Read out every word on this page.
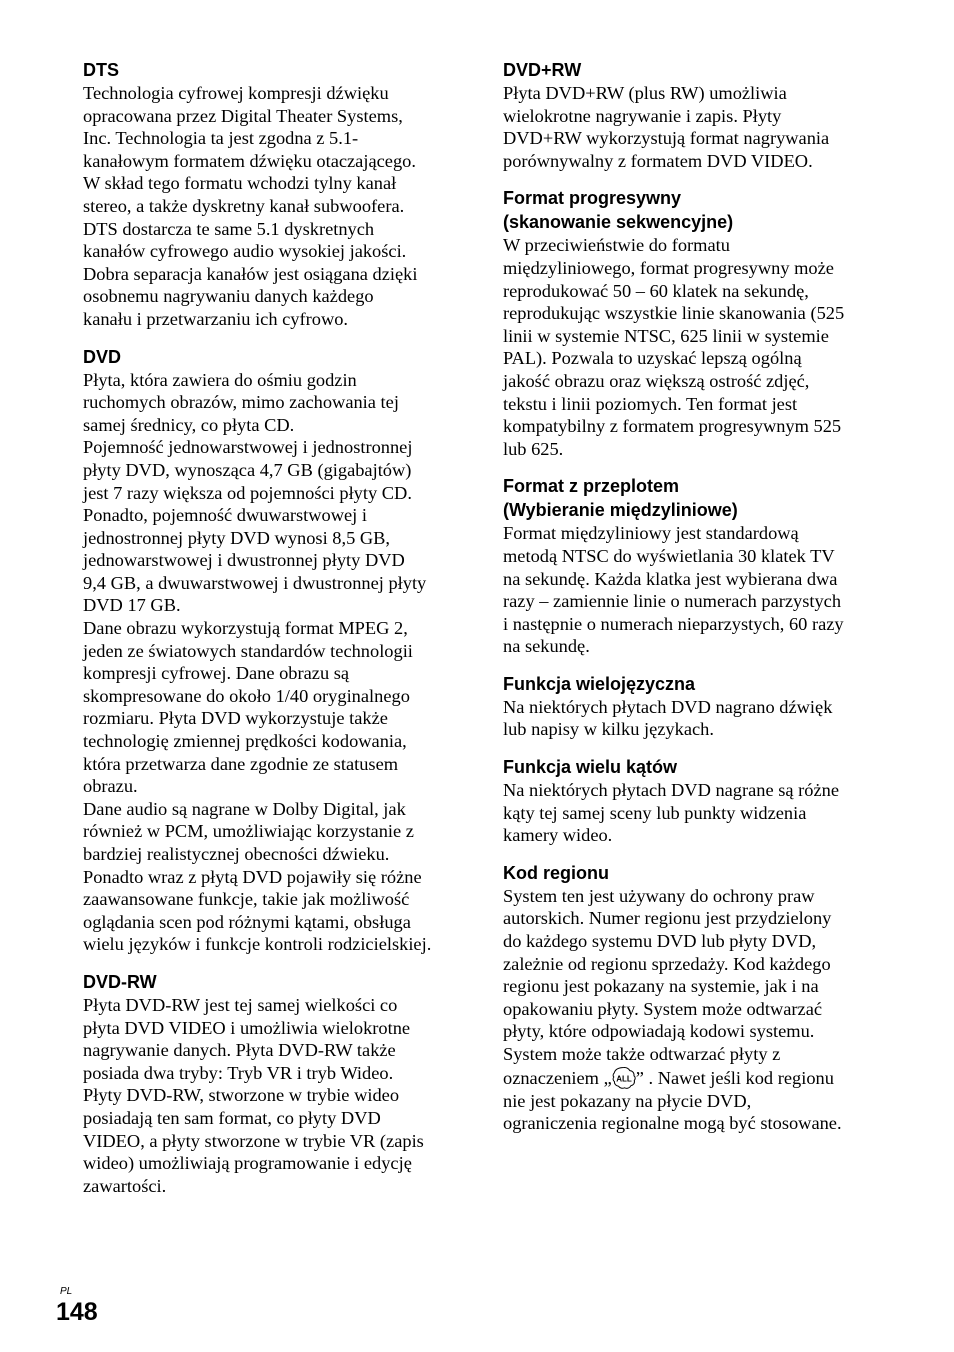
DTS

Technologia cyfrowej kompresji dźwięku
opracowana przez Digital Theater Systems,
Inc. Technologia ta jest zgodna z 5.1-
kanałowym formatem dźwięku otaczającego.
W skład tego formatu wchodzi tylny kanał
stereo, a także dyskretny kanał subwoofera.
DTS dostarcza te same 5.1 dyskretnych
kanałów cyfrowego audio wysokiej jakości.
Dobra separacja kanałów jest osiągana dzięki
osobnemu nagrywaniu danych każdego
kanału i przetwarzaniu ich cyfrowo.

DVD

Płyta, która zawiera do ośmiu godzin
ruchomych obrazów, mimo zachowania tej
samej średnicy, co płyta CD.
Pojemność jednowarstwowej i jednostronnej
płyty DVD, wynosząca 4,7 GB (gigabajtów)
jest 7 razy większa od pojemności płyty CD.
Ponadto, pojemność dwuwarstwowej i
jednostronnej płyty DVD wynosi 8,5 GB,
jednowarstwowej i dwustronnej płyty DVD
9,4 GB, a dwuwarstwowej i dwustronnej płyty
DVD 17 GB.
Dane obrazu wykorzystują format MPEG 2,
jeden ze światowych standardów technologii
kompresji cyfrowej. Dane obrazu są
skompresowane do około 1/40 oryginalnego
rozmiaru. Płyta DVD wykorzystuje także
technologię zmiennej prędkości kodowania,
która przetwarza dane zgodnie ze statusem
obrazu.
Dane audio są nagrane w Dolby Digital, jak
również w PCM, umożliwiając korzystanie z
bardziej realistycznej obecności dźwieku.
Ponadto wraz z płytą DVD pojawiły się różne
zaawansowane funkcje, takie jak możliwość
oglądania scen pod różnymi kątami, obsługa
wielu języków i funkcje kontroli rodzicielskiej.

DVD-RW

Płyta DVD-RW jest tej samej wielkości co
płyta DVD VIDEO i umożliwia wielokrotne
nagrywanie danych. Płyta DVD-RW także
posiada dwa tryby: Tryb VR i tryb Wideo.
Płyty DVD-RW, stworzone w trybie wideo
posiadają ten sam format, co płyty DVD
VIDEO, a płyty stworzone w trybie VR (zapis
wideo) umożliwiają programowanie i edycję
zawartości.

DVD+RW

Płyta DVD+RW (plus RW) umożliwia
wielokrotne nagrywanie i zapis. Płyty
DVD+RW wykorzystują format nagrywania
porównywalny z formatem DVD VIDEO.

Format progresywny
(skanowanie sekwencyjne)

W przeciwieństwie do formatu
międzyliniowego, format progresywny może
reprodukować 50 – 60 klatek na sekundę,
reprodukując wszystkie linie skanowania (525
linii w systemie NTSC, 625 linii w systemie
PAL). Pozwala to uzyskać lepszą ogólną
jakość obrazu oraz większą ostrość zdjęć,
tekstu i linii poziomych. Ten format jest
kompatybilny z formatem progresywnym 525
lub 625.

Format z przeplotem
(Wybieranie międzyliniowe)

Format międzyliniowy jest standardową
metodą NTSC do wyświetlania 30 klatek TV
na sekundę. Każda klatka jest wybierana dwa
razy – zamiennie linie o numerach parzystych
i następnie o numerach nieparzystych, 60 razy
na sekundę.

Funkcja wielojęzyczna

Na niektórych płytach DVD nagrano dźwięk
lub napisy w kilku językach.

Funkcja wielu kątów

Na niektórych płytach DVD nagrane są różne
kąty tej samej sceny lub punkty widzenia
kamery wideo.

Kod regionu

System ten jest używany do ochrony praw
autorskich. Numer regionu jest przydzielony
do każdego systemu DVD lub płyty DVD,
zależnie od regionu sprzedaży. Kod każdego
regionu jest pokazany na systemie, jak i na
opakowaniu płyty. System może odtwarzać
płyty, które odpowiadają kodowi systemu.
System może także odtwarzać płyty z
oznaczeniem „ ALL ” . Nawet jeśli kod regionu
nie jest pokazany na płycie DVD,
ograniczenia regionalne mogą być stosowane.

PL
148
